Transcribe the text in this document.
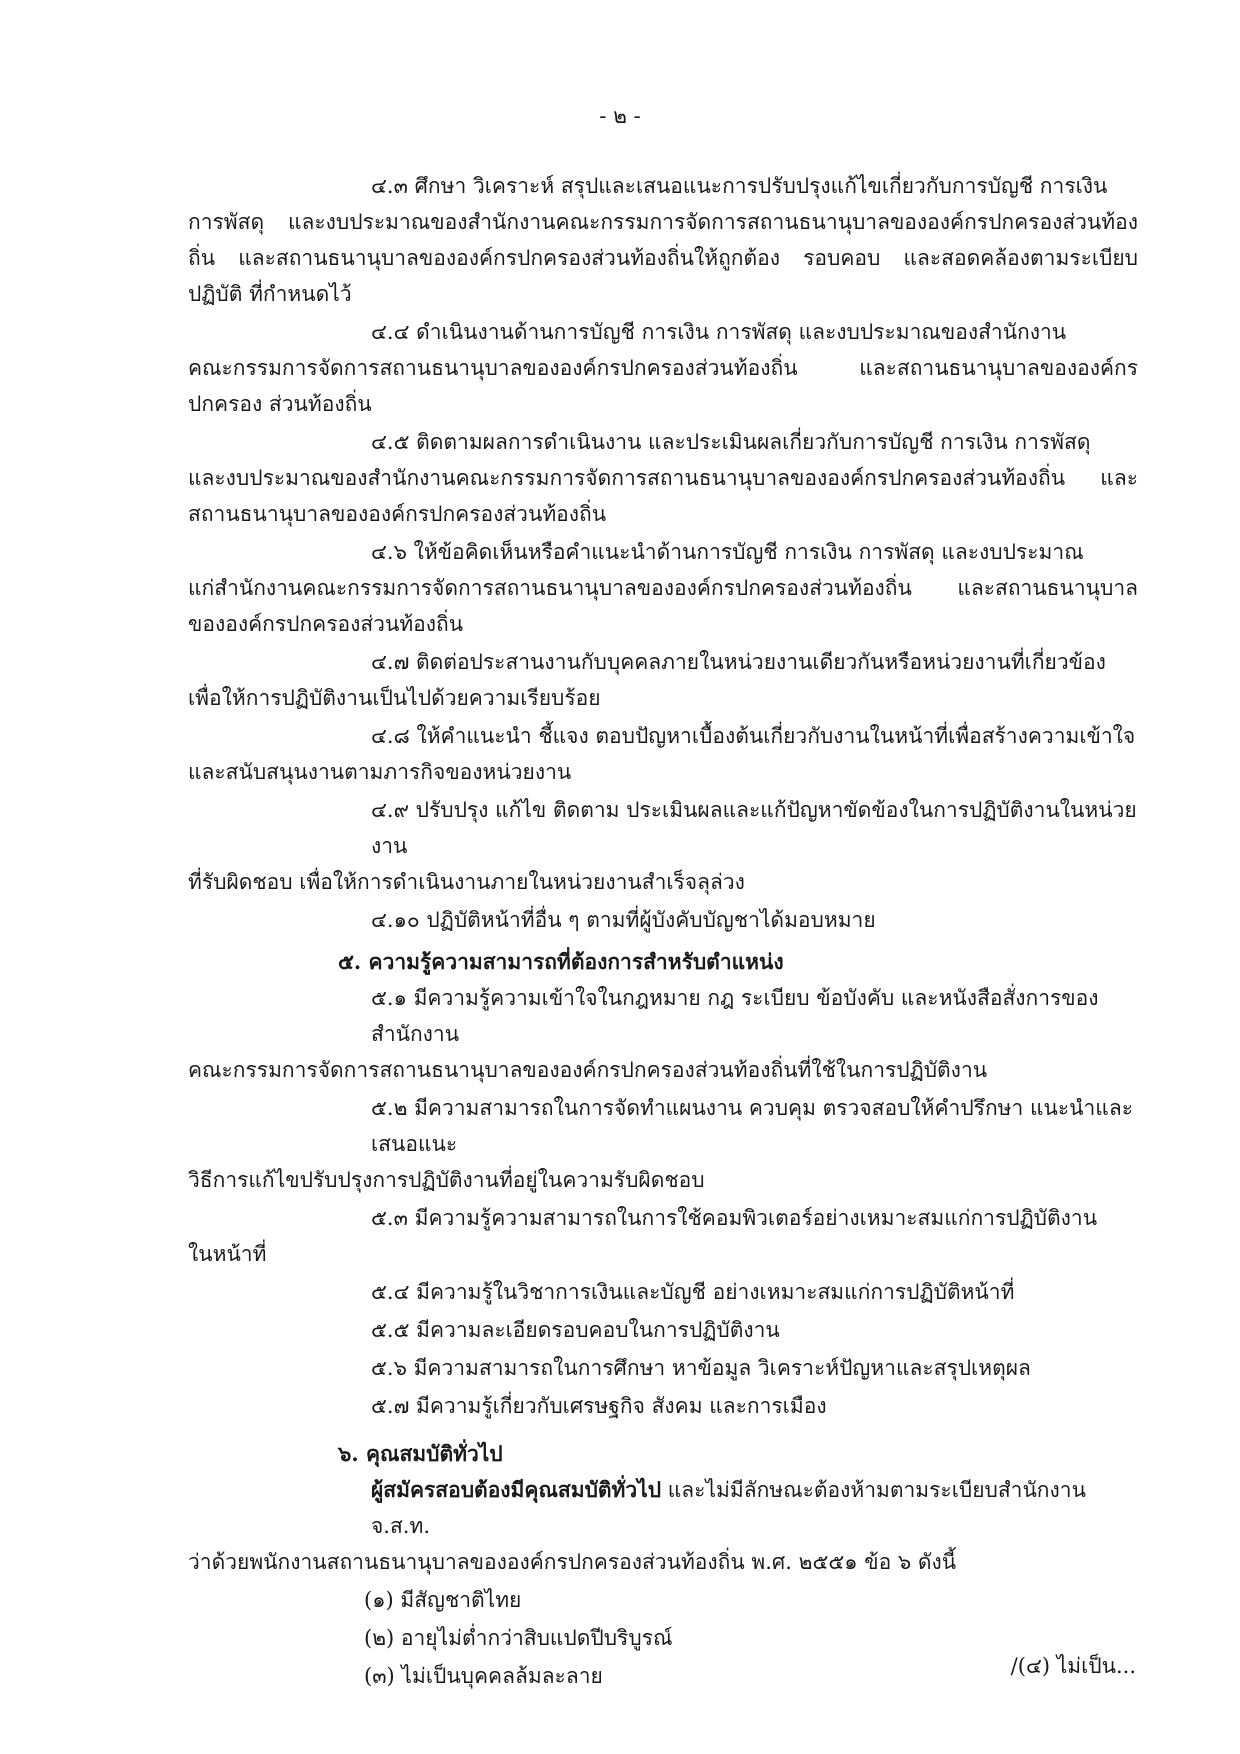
- ๒ -

๔.๓ ศึกษา วิเคราะห์ สรุปและเสนอแนะการปรับปรุงแก้ไขเกี่ยวกับการบัญชี การเงิน

การพัสดุ และงบประมาณของสำนักงานคณะกรรมการจัดการสถานธนานุบาลขององค์กรปกครองส่วนท้องถิ่น และสถานธนานุบาลขององค์กรปกครองส่วนท้องถิ่นให้ถูกต้อง รอบคอบ และสอดคล้องตามระเบียบปฏิบัติ ที่กำหนดไว้

๔.๔ ดำเนินงานด้านการบัญชี การเงิน การพัสดุ และงบประมาณของสำนักงาน

คณะกรรมการจัดการสถานธนานุบาลขององค์กรปกครองส่วนท้องถิ่น และสถานธนานุบาลขององค์กรปกครอง ส่วนท้องถิ่น

๔.๕ ติดตามผลการดำเนินงาน และประเมินผลเกี่ยวกับการบัญชี การเงิน การพัสดุ

และงบประมาณของสำนักงานคณะกรรมการจัดการสถานธนานุบาลขององค์กรปกครองส่วนท้องถิ่น และสถานธนานุบาลขององค์กรปกครองส่วนท้องถิ่น

๔.๖ ให้ข้อคิดเห็นหรือคำแนะนำด้านการบัญชี การเงิน การพัสดุ และงบประมาณ

แก่สำนักงานคณะกรรมการจัดการสถานธนานุบาลขององค์กรปกครองส่วนท้องถิ่น และสถานธนานุบาล ขององค์กรปกครองส่วนท้องถิ่น

๔.๗ ติดต่อประสานงานกับบุคคลภายในหน่วยงานเดียวกันหรือหน่วยงานที่เกี่ยวข้อง

เพื่อให้การปฏิบัติงานเป็นไปด้วยความเรียบร้อย

๔.๘ ให้คำแนะนำ ชี้แจง ตอบปัญหาเบื้องต้นเกี่ยวกับงานในหน้าที่เพื่อสร้างความเข้าใจ

และสนับสนุนงานตามภารกิจของหน่วยงาน

๔.๙ ปรับปรุง แก้ไข ติดตาม ประเมินผลและแก้ปัญหาขัดข้องในการปฏิบัติงานในหน่วยงาน

ที่รับผิดชอบ เพื่อให้การดำเนินงานภายในหน่วยงานสำเร็จลุล่วง

๔.๑๐ ปฏิบัติหน้าที่อื่น ๆ ตามที่ผู้บังคับบัญชาได้มอบหมาย

๕. ความรู้ความสามารถที่ต้องการสำหรับตำแหน่ง

๕.๑ มีความรู้ความเข้าใจในกฎหมาย กฎ ระเบียบ ข้อบังคับ และหนังสือสั่งการของสำนักงาน

คณะกรรมการจัดการสถานธนานุบาลขององค์กรปกครองส่วนท้องถิ่นที่ใช้ในการปฏิบัติงาน

๕.๒ มีความสามารถในการจัดทำแผนงาน ควบคุม ตรวจสอบให้คำปรึกษา แนะนำและเสนอแนะ

วิธีการแก้ไขปรับปรุงการปฏิบัติงานที่อยู่ในความรับผิดชอบ

๕.๓ มีความรู้ความสามารถในการใช้คอมพิวเตอร์อย่างเหมาะสมแก่การปฏิบัติงาน

ในหน้าที่

๕.๔ มีความรู้ในวิชาการเงินและบัญชี อย่างเหมาะสมแก่การปฏิบัติหน้าที่

๕.๕ มีความละเอียดรอบคอบในการปฏิบัติงาน

๕.๖ มีความสามารถในการศึกษา หาข้อมูล วิเคราะห์ปัญหาและสรุปเหตุผล

๕.๗ มีความรู้เกี่ยวกับเศรษฐกิจ สังคม และการเมือง

๖. คุณสมบัติทั่วไป

ผู้สมัครสอบต้องมีคุณสมบัติทั่วไป และไม่มีลักษณะต้องห้ามตามระเบียบสำนักงาน จ.ส.ท.

ว่าด้วยพนักงานสถานธนานุบาลขององค์กรปกครองส่วนท้องถิ่น พ.ศ. ๒๕๕๑ ข้อ ๖ ดังนี้

(๑) มีสัญชาติไทย

(๒) อายุไม่ต่ำกว่าสิบแปดปีบริบูรณ์

(๓) ไม่เป็นบุคคลล้มละลาย	/(๔) ไม่เป็น...
